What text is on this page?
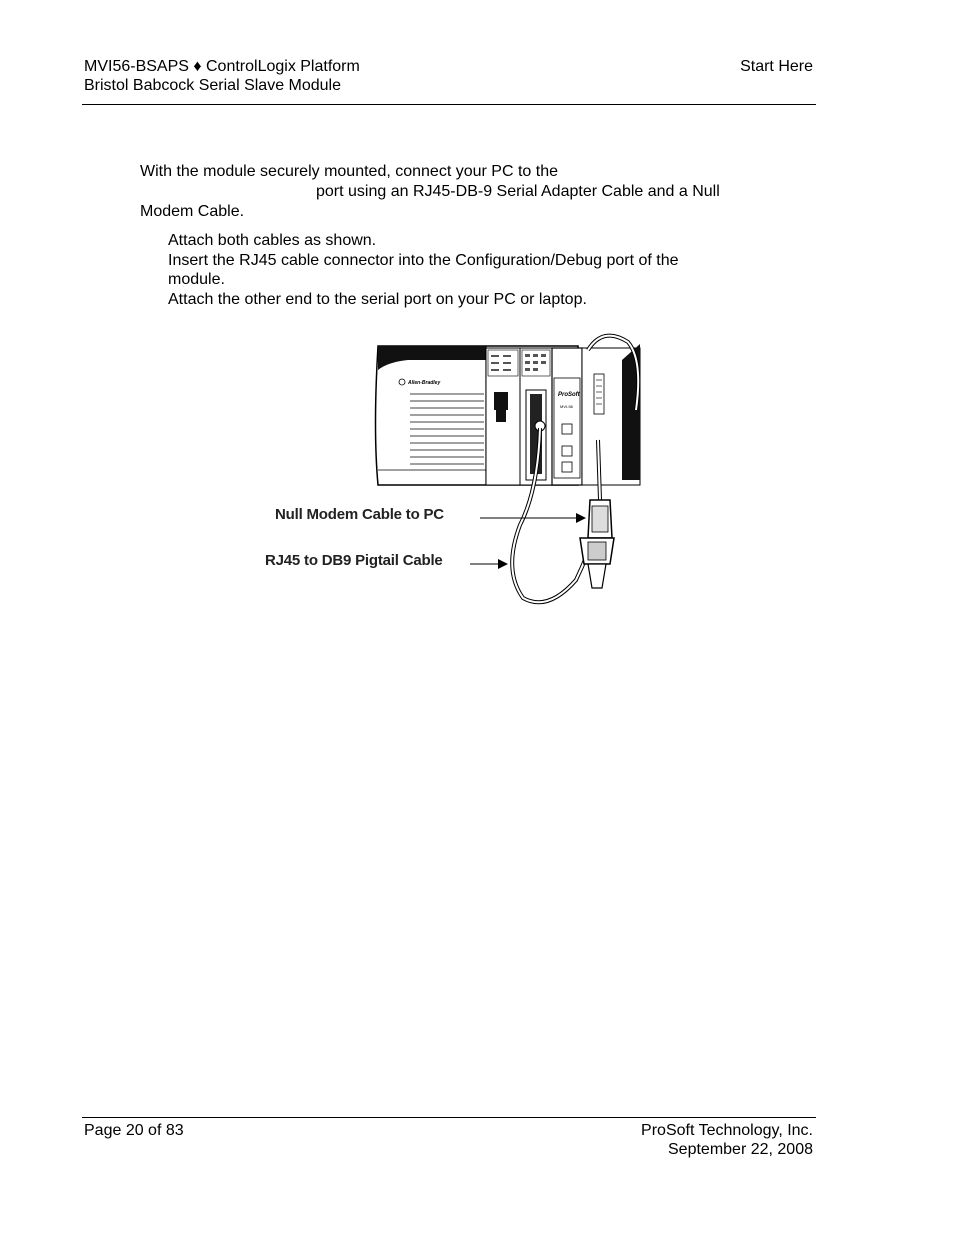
MVI56-BSAPS ♦ ControlLogix Platform
Bristol Babcock Serial Slave Module
Start Here
With the module securely mounted, connect your PC to the
port using an RJ45-DB-9 Serial Adapter Cable and a Null
Modem Cable.
Attach both cables as shown.
Insert the RJ45 cable connector into the Configuration/Debug port of the
module.
Attach the other end to the serial port on your PC or laptop.
Allen-Bradley
ProSoft
MVI-56
Null Modem Cable to PC
RJ45 to DB9 Pigtail Cable
Page 20 of 83	ProSoft Technology, Inc.
September 22, 2008
